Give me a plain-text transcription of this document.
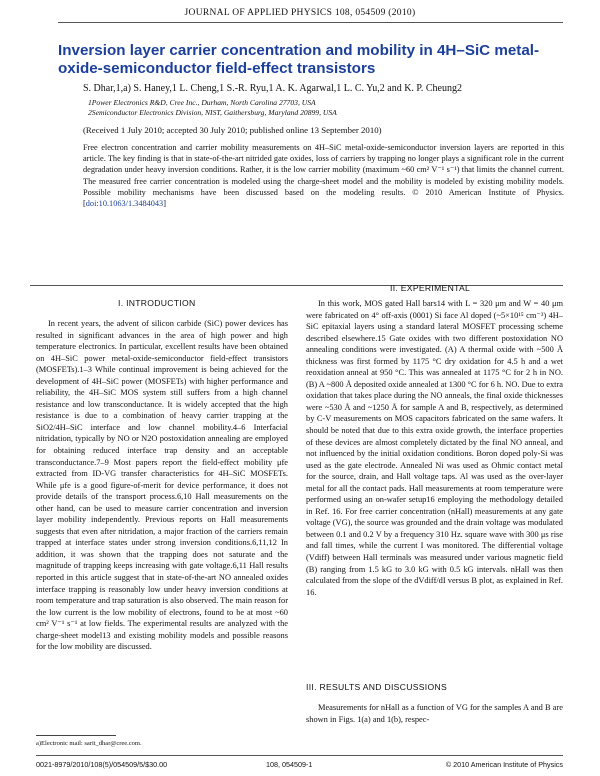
JOURNAL OF APPLIED PHYSICS 108, 054509 (2010)
Inversion layer carrier concentration and mobility in 4H–SiC metal-oxide-semiconductor field-effect transistors
S. Dhar,1,a) S. Haney,1 L. Cheng,1 S.-R. Ryu,1 A. K. Agarwal,1 L. C. Yu,2 and K. P. Cheung2
1Power Electronics R&D, Cree Inc., Durham, North Carolina 27703, USA
2Semiconductor Electronics Division, NIST, Gaithersburg, Maryland 20899, USA
(Received 1 July 2010; accepted 30 July 2010; published online 13 September 2010)
Free electron concentration and carrier mobility measurements on 4H–SiC metal-oxide-semiconductor inversion layers are reported in this article. The key finding is that in state-of-the-art nitrided gate oxides, loss of carriers by trapping no longer plays a significant role in the current degradation under heavy inversion conditions. Rather, it is the low carrier mobility (maximum ~60 cm² V⁻¹ s⁻¹) that limits the channel current. The measured free carrier concentration is modeled using the charge-sheet model and the mobility is modeled by existing mobility models. Possible mobility mechanisms have been discussed based on the modeling results. © 2010 American Institute of Physics. [doi:10.1063/1.3484043]
I. INTRODUCTION

In recent years, the advent of silicon carbide (SiC) power devices has resulted in significant advances in the area of high power and high temperature electronics. In particular, excellent results have been obtained on 4H–SiC power metal-oxide-semiconductor field-effect transistors (MOSFETs).1–3 While continual improvement is being achieved for the development of 4H–SiC power (MOSFETs) with higher performance and reliability, the 4H–SiC MOS system still suffers from a high channel resistance and low transconductance. It is widely accepted that the high resistance is due to a combination of heavy carrier trapping at the SiO2/4H–SiC interface and low channel mobility.4–6 Interfacial nitridation, typically by NO or N2O postoxidation annealing are employed for obtaining reduced interface trap density and an acceptable transconductance.7–9 Most papers report the field-effect mobility μfe extracted from ID-VG transfer characteristics for 4H–SiC MOSFETs. While μfe is a good figure-of-merit for device performance, it does not provide details of the transport process.6,10 Hall measurements on the other hand, can be used to measure carrier concentration and inversion layer mobility independently. Previous reports on Hall measurements suggests that even after nitridation, a major fraction of the carriers remain trapped at interface states under strong inversion conditions.6,11,12 In addition, it was shown that the trapping does not saturate and the magnitude of trapping keeps increasing with gate voltage.6,11 Hall results reported in this article suggest that in state-of-the-art NO annealed oxides interface trapping is reasonably low under heavy inversion conditions at room temperature and trap saturation is also observed. The main reason for the low current is the low mobility of electrons, found to be at most ~60 cm² V⁻¹ s⁻¹ at low fields. The experimental results are analyzed with the charge-sheet model13 and existing mobility models and possible reasons for the low mobility are discussed.

In this work, MOS gated Hall bars14 with L = 320 μm and W = 40 μm were fabricated on 4° off-axis (0001) Si face Al doped (~5×10¹⁵ cm⁻³) 4H–SiC epitaxial layers using a standard lateral MOSFET processing scheme described elsewhere.15 Gate oxides with two different postoxidation NO annealing conditions were investigated. (A) A thermal oxide with ~500 Å thickness was first formed by 1175 °C dry oxidation for 4.5 h and a wet reoxidation anneal at 950 °C. This was annealed at 1175 °C for 2 h in NO. (B) A ~800 Å deposited oxide annealed at 1300 °C for 6 h. NO. Due to extra oxidation that takes place during the NO anneals, the final oxide thicknesses were ~530 Å and ~1250 Å for sample A and B, respectively, as determined by C-V measurements on MOS capacitors fabricated on the same wafers. It should be noted that due to this extra oxide growth, the interface properties of these devices are almost completely dictated by the final NO anneal, and not influenced by the initial oxidation conditions. Boron doped poly-Si was used as the gate electrode. Annealed Ni was used as Ohmic contact metal for the source, drain, and Hall voltage taps. Al was used as the over-layer metal for all the contact pads. Hall measurements at room temperature were performed using an on-wafer setup16 employing the methodology detailed in Ref. 16. For free carrier concentration (nHall) measurements at any gate voltage (VG), the source was grounded and the drain voltage was modulated between 0.1 and 0.2 V by a frequency 310 Hz. square wave with 300 μs rise and fall times, while the current I was monitored. The differential voltage (Vdiff) between Hall terminals was measured under various magnetic field (B) ranging from 1.5 kG to 3.0 kG with 0.5 kG intervals. nHall was then calculated from the slope of the dVdiff/dI versus B plot, as explained in Ref. 16.

II. EXPERIMENTAL
III. RESULTS AND DISCUSSIONS

Measurements for nHall as a function of VG for the samples A and B are shown in Figs. 1(a) and 1(b), respec-

a)Electronic mail: sarit_dhar@cree.com.
0021-8979/2010/108(5)/054509/5/$30.00	108, 054509-1	© 2010 American Institute of Physics
